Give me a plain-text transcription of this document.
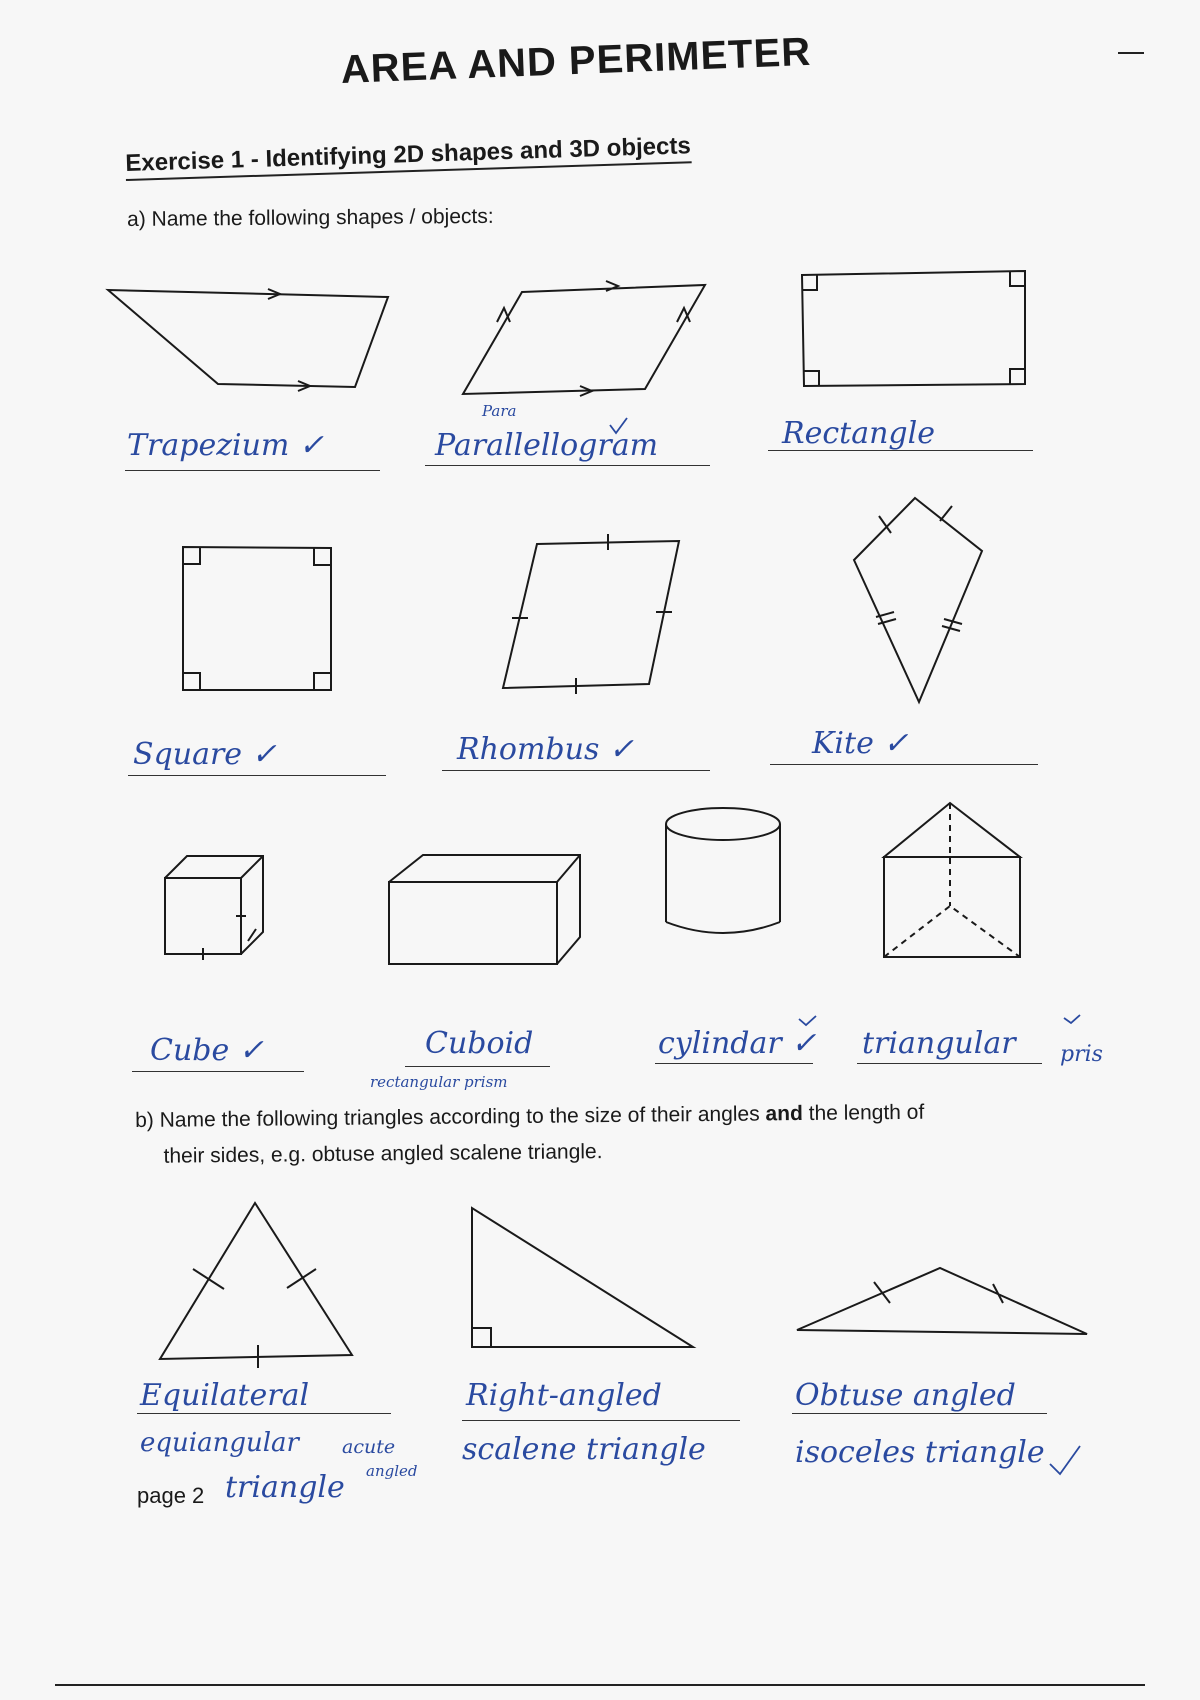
AREA AND PERIMETER
Exercise 1 - Identifying 2D shapes and 3D objects
a) Name the following shapes / objects:
Trapezium ✓
Para
Parallellogram	Rectangle
Square ✓	Rhombus ✓	Kite ✓
Cube ✓	Cuboid
rectangular prism
cylindar ✓ triangular pris
b) Name the following triangles according to the size of their angles and the length of
their sides, e.g. obtuse angled scalene triangle.
Equilateral
equiangular acute
triangle angled
Right-angled
scalene triangle
Obtuse angled
isoceles triangle
page 2
